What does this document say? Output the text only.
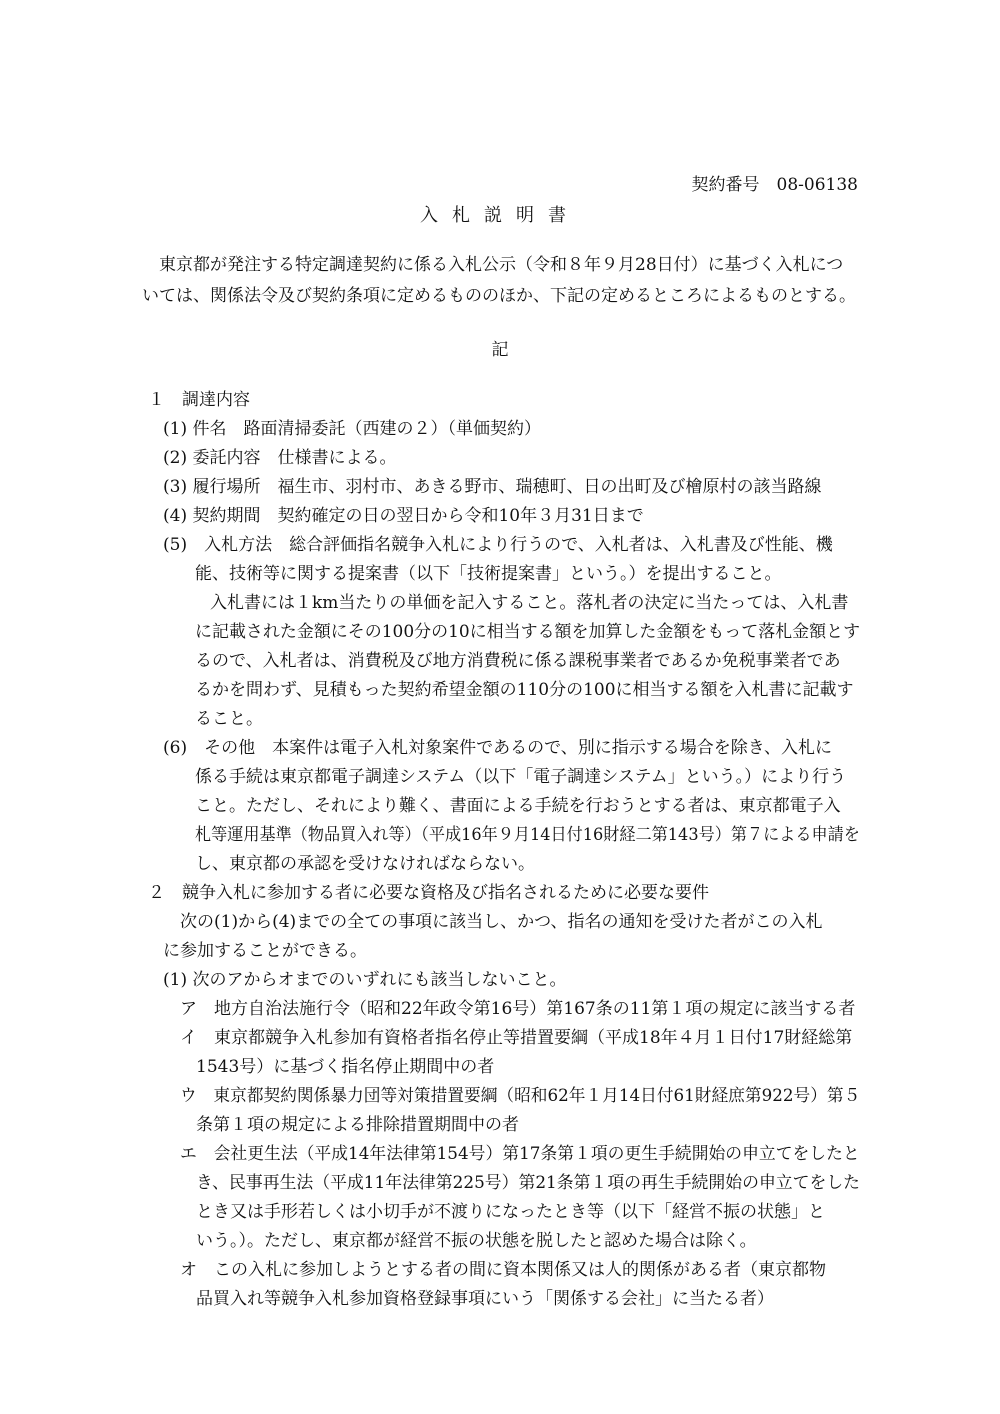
契約番号　08-06138
入札説明書
　東京都が発注する特定調達契約に係る入札公示（令和８年９月28日付）に基づく入札については、関係法令及び契約条項に定めるもののほか、下記の定めるところによるものとする。
記
１　調達内容
(1) 件名　路面清掃委託（西建の２）（単価契約）
(2) 委託内容　仕様書による。
(3) 履行場所　福生市、羽村市、あきる野市、瑞穂町、日の出町及び檜原村の該当路線
(4) 契約期間　契約確定の日の翌日から令和10年３月31日まで
(5)　入札方法　総合評価指名競争入札により行うので、入札者は、入札書及び性能、機
能、技術等に関する提案書（以下「技術提案書」という。）を提出すること。
入札書には１km当たりの単価を記入すること。落札者の決定に当たっては、入札書
に記載された金額にその100分の10に相当する額を加算した金額をもって落札金額とす
るので、入札者は、消費税及び地方消費税に係る課税事業者であるか免税事業者であ
るかを問わず、見積もった契約希望金額の110分の100に相当する額を入札書に記載す
ること。
(6)　その他　本案件は電子入札対象案件であるので、別に指示する場合を除き、入札に
係る手続は東京都電子調達システム（以下「電子調達システム」という。）により行う
こと。ただし、それにより難く、書面による手続を行おうとする者は、東京都電子入
札等運用基準（物品買入れ等）（平成16年９月14日付16財経二第143号）第７による申請を
し、東京都の承認を受けなければならない。
２　競争入札に参加する者に必要な資格及び指名されるために必要な要件
次の(1)から(4)までの全ての事項に該当し、かつ、指名の通知を受けた者がこの入札
に参加することができる。
(1) 次のアからオまでのいずれにも該当しないこと。
ア　地方自治法施行令（昭和22年政令第16号）第167条の11第１項の規定に該当する者
イ　東京都競争入札参加有資格者指名停止等措置要綱（平成18年４月１日付17財経総第
1543号）に基づく指名停止期間中の者
ウ　東京都契約関係暴力団等対策措置要綱（昭和62年１月14日付61財経庶第922号）第５
条第１項の規定による排除措置期間中の者
エ　会社更生法（平成14年法律第154号）第17条第１項の更生手続開始の申立てをしたと
き、民事再生法（平成11年法律第225号）第21条第１項の再生手続開始の申立てをした
とき又は手形若しくは小切手が不渡りになったとき等（以下「経営不振の状態」と
いう。）。ただし、東京都が経営不振の状態を脱したと認めた場合は除く。
オ　この入札に参加しようとする者の間に資本関係又は人的関係がある者（東京都物
品買入れ等競争入札参加資格登録事項にいう「関係する会社」に当たる者）
